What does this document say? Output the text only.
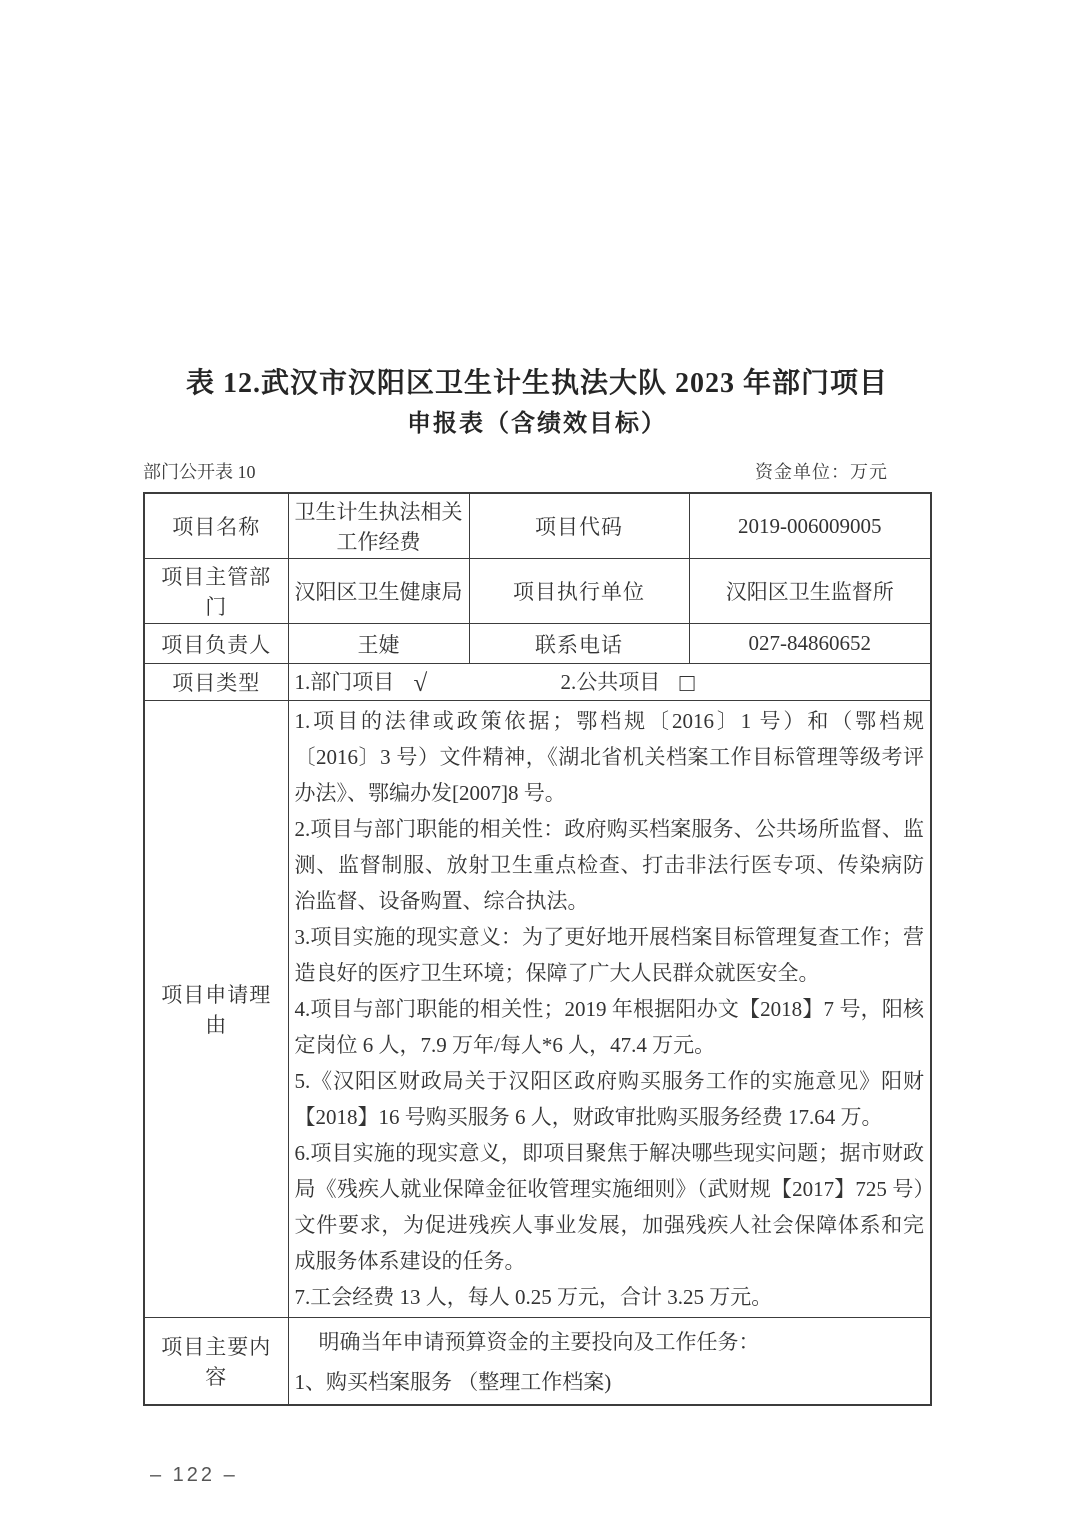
表 12.武汉市汉阳区卫生计生执法大队 2023 年部门项目
申报表（含绩效目标）
部门公开表 10	资金单位：万元
项目名称	卫生计生执法相关工作经费	项目代码	2019-006009005
项目主管部门	汉阳区卫生健康局	项目执行单位	汉阳区卫生监督所
项目负责人	王婕	联系电话	027-84860652
项目类型	1.部门项目 √ 2.公共项目 □		
项目申请理由	

1.项目的法律或政策依据；鄂档规〔2016〕1 号）和（鄂档规〔2016〕3 号）文件精神，《湖北省机关档案工作目标管理等级考评办法》、鄂编办发[2007]8 号。

2.项目与部门职能的相关性：政府购买档案服务、公共场所监督、监测、监督制服、放射卫生重点检查、打击非法行医专项、传染病防治监督、设备购置、综合执法。

3.项目实施的现实意义：为了更好地开展档案目标管理复查工作；营造良好的医疗卫生环境；保障了广大人民群众就医安全。

4.项目与部门职能的相关性；2019 年根据阳办文【2018】7 号，阳核定岗位 6 人，7.9 万年/每人*6 人，47.4 万元。

5.《汉阳区财政局关于汉阳区政府购买服务工作的实施意见》阳财【2018】16 号购买服务 6 人，财政审批购买服务经费 17.64 万。

6.项目实施的现实意义，即项目聚焦于解决哪些现实问题；据市财政局《残疾人就业保障金征收管理实施细则》（武财规【2017】725 号）文件要求，为促进残疾人事业发展，加强残疾人社会保障体系和完成服务体系建设的任务。

7.工会经费 13 人，每人 0.25 万元，合计 3.25 万元。

项目主要内容	明确当年申请预算资金的主要投向及工作任务：
1、购买档案服务 （整理工作档案)		
– 122 –
